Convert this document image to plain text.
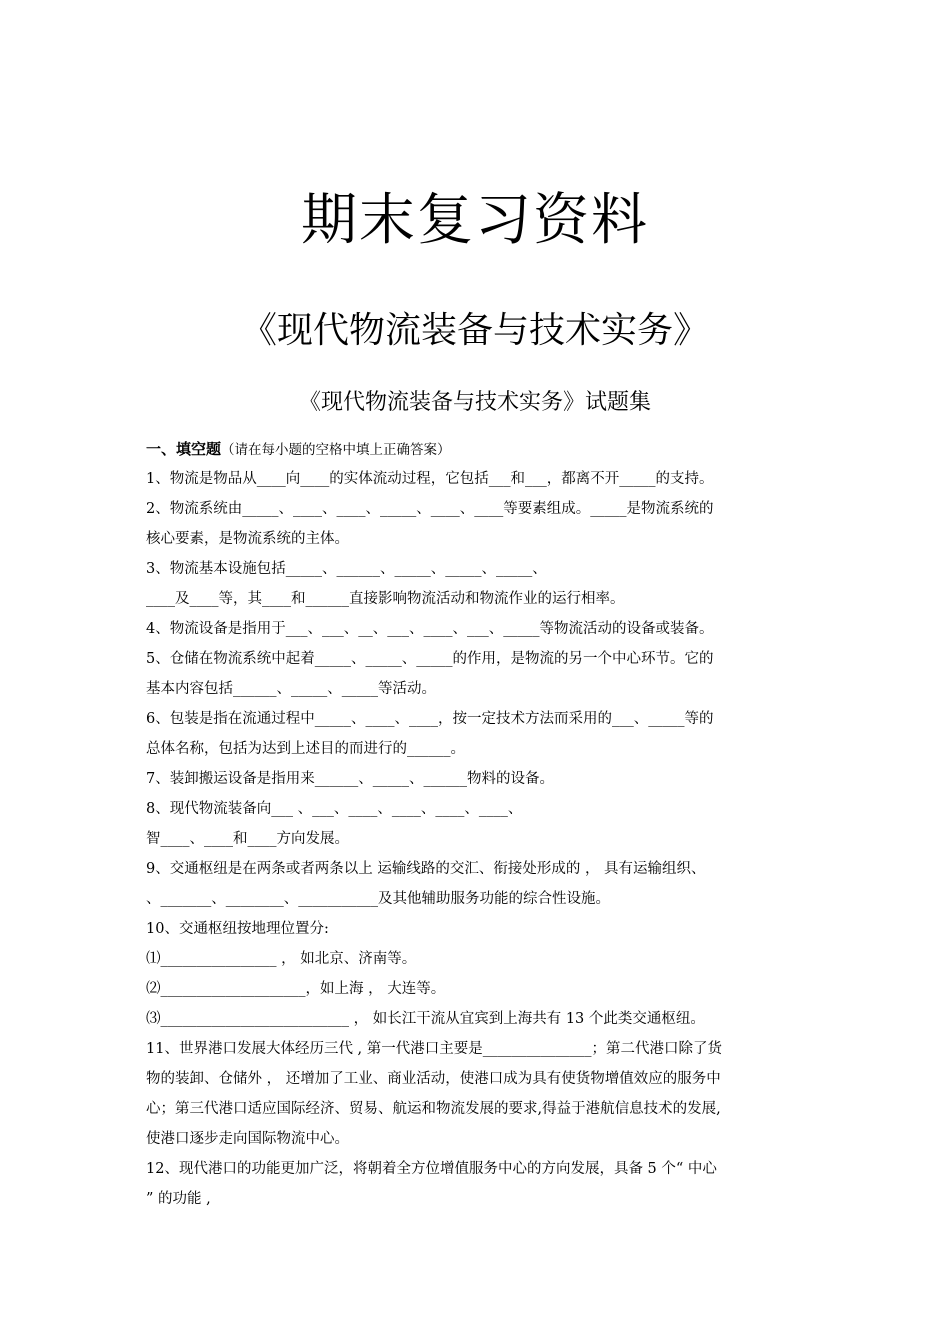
期末复习资料
《现代物流装备与技术实务》
《现代物流装备与技术实务》试题集
一、填空题（请在每小题的空格中填上正确答案）
1、物流是物品从____向____的实体流动过程，它包括___和___，都离不开_____的支持。
2、物流系统由_____、____、____、_____、____、____等要素组成。_____是物流系统的
核心要素，是物流系统的主体。
3、物流基本设施包括_____、______、_____、_____、_____、
____及____等，其____和______直接影响物流活动和物流作业的运行相率。
4、物流设备是指用于___、___、__、___、____、___、_____等物流活动的设备或装备。
5、仓储在物流系统中起着_____、_____、_____的作用，是物流的另一个中心环节。它的
基本内容包括______、_____、_____等活动。
6、包装是指在流通过程中_____、____、____，按一定技术方法而采用的___、_____等的
总体名称，包括为达到上述目的而进行的______。
7、装卸搬运设备是指用来______、_____、______物料的设备。
8、现代物流装备向___ 、___、____、____、____、____、
智____、____和____方向发展。
9、交通枢纽是在两条或者两条以上 运输线路的交汇、衔接处形成的 ， 具有运输组织、
、_______、________、___________及其他辅助服务功能的综合性设施。
10、交通枢纽按地理位置分:
⑴________________ ， 如北京、济南等。
⑵____________________，如上海 ， 大连等。
⑶__________________________ ， 如长江干流从宜宾到上海共有 13 个此类交通枢纽。
11、世界港口发展大体经历三代 , 第一代港口主要是_______________；第二代港口除了货
物的装卸、仓储外 ， 还增加了工业、商业活动，使港口成为具有使货物增值效应的服务中
心；第三代港口适应国际经济、贸易、航运和物流发展的要求,得益于港航信息技术的发展,
使港口逐步走向国际物流中心。
12、现代港口的功能更加广泛，将朝着全方位增值服务中心的方向发展，具备 5 个“ 中心
” 的功能 ,
